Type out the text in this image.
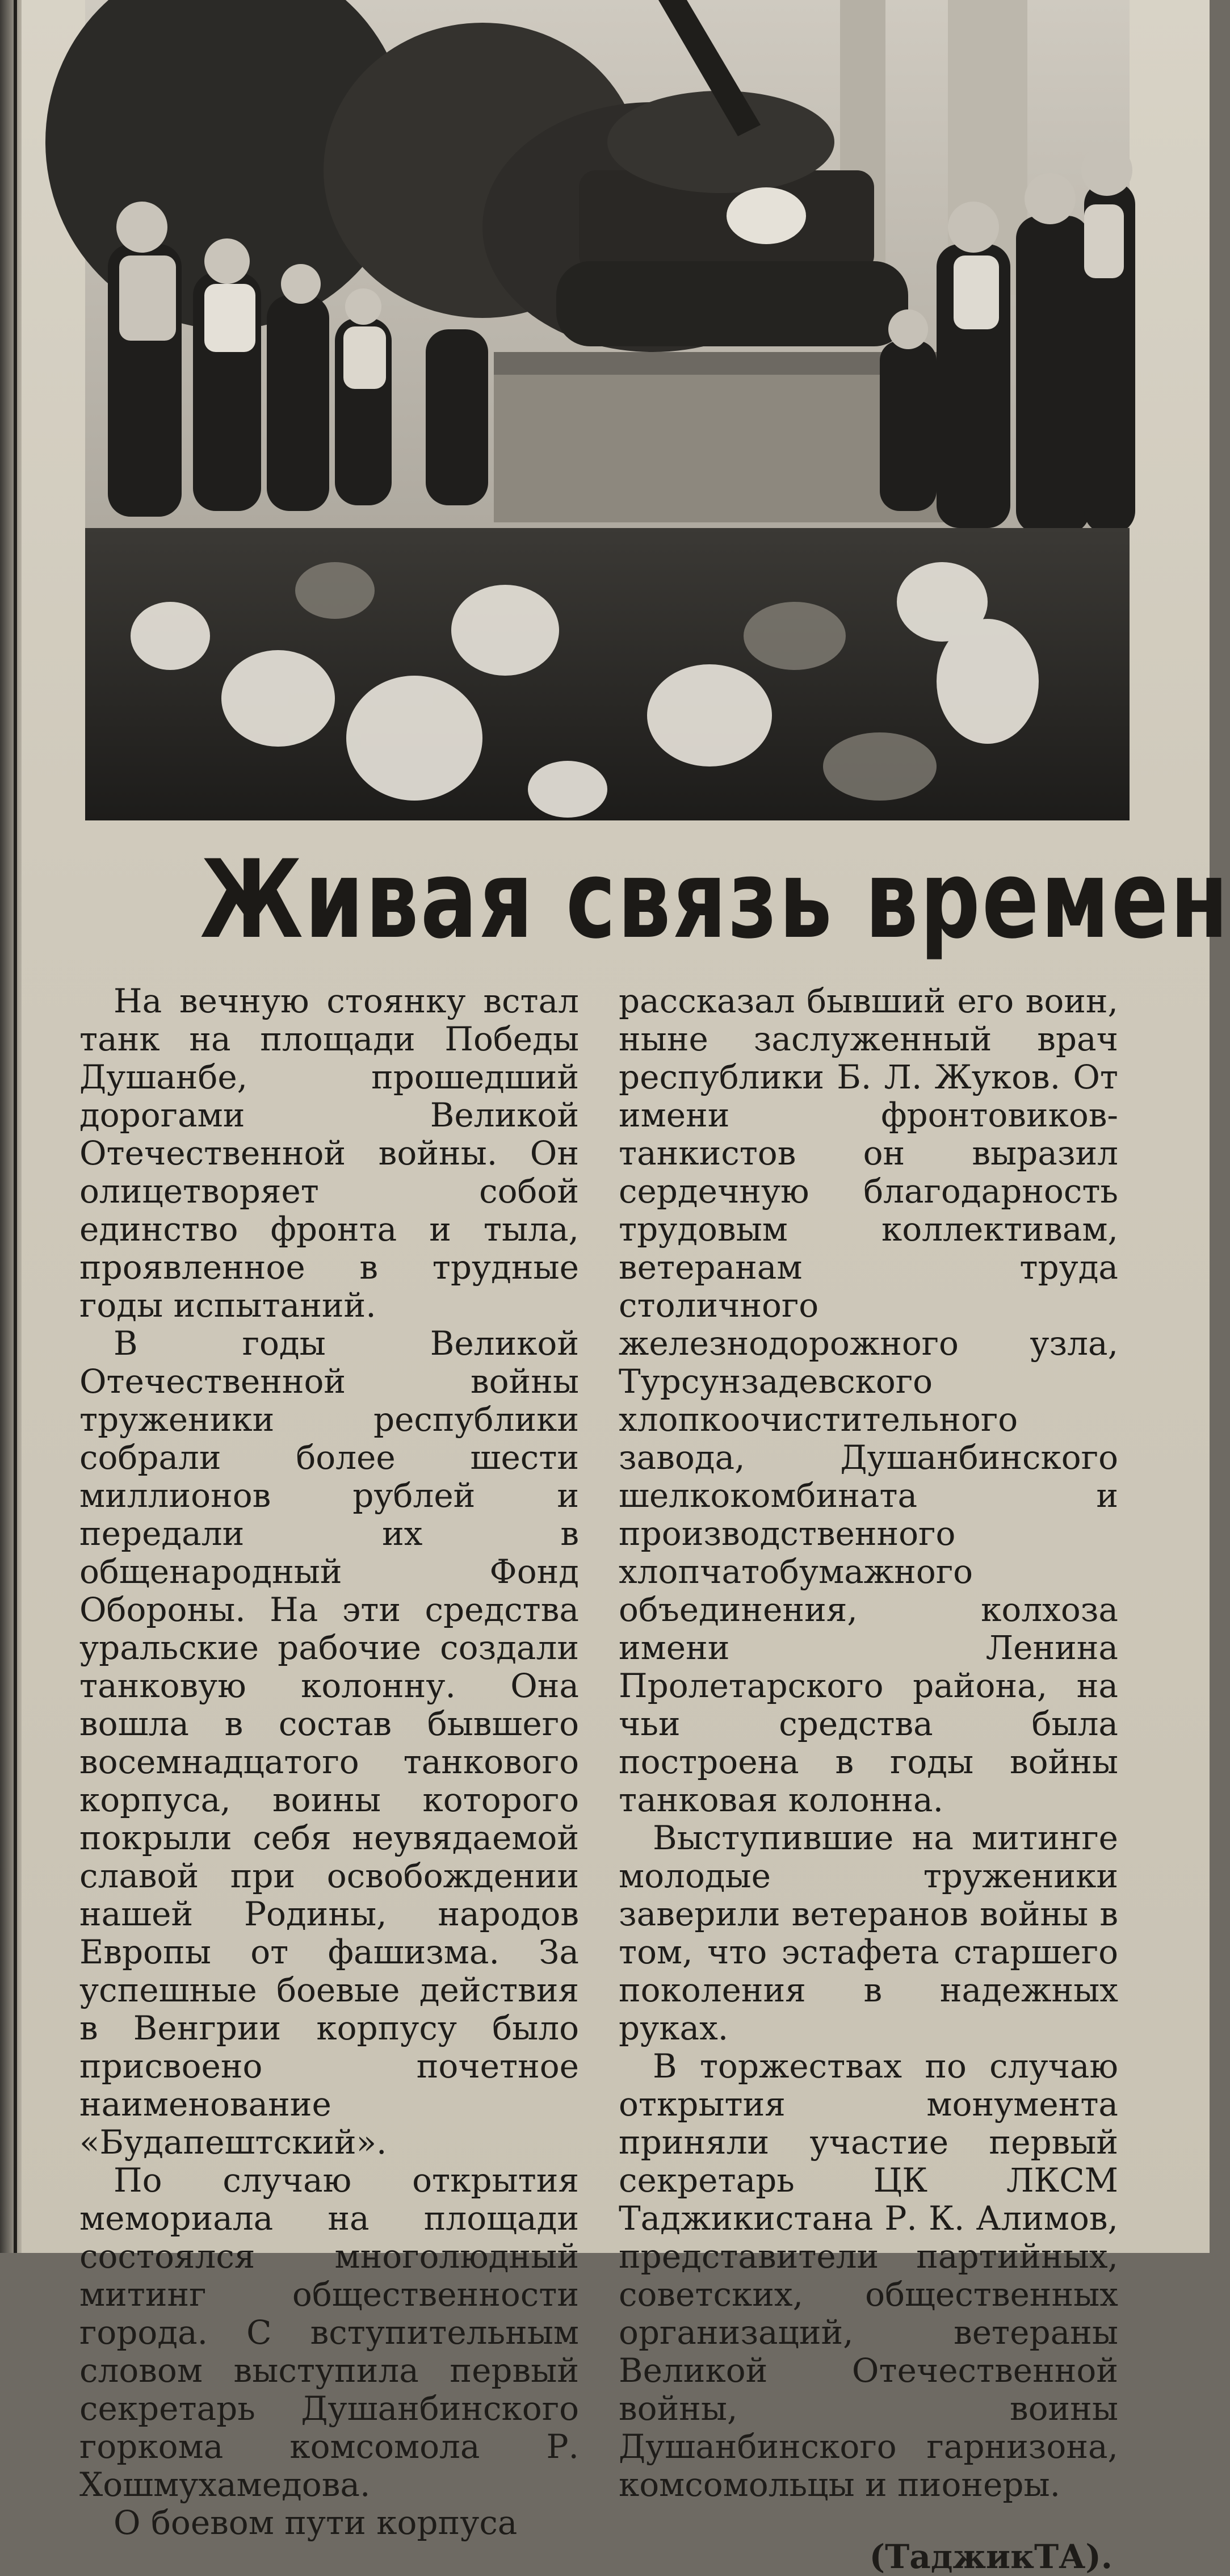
Живая связь времен

На вечную стоянку встал танк на площади Победы Душанбе, прошедший дорогами Великой Отечественной войны. Он олицетворяет собой единство фронта и тыла, проявленное в трудные годы испытаний.

В годы Великой Отечественной войны труженики республики собрали более шести миллионов рублей и передали их в общенародный Фонд Обороны. На эти средства уральские рабочие создали танковую колонну. Она вошла в состав бывшего восемнадцатого танкового корпуса, воины которого покрыли себя неувядаемой славой при освобождении нашей Родины, народов Европы от фашизма. За успешные боевые действия в Венгрии корпусу было присвоено почетное наименование «Будапештский».

По случаю открытия мемориала на площади состоялся многолюдный митинг общественности города. С вступительным словом выступила первый секретарь Душанбинского горкома комсомола Р. Хошмухамедова.

О боевом пути корпуса

рассказал бывший его воин, ныне заслуженный врач республики Б. Л. Жуков. От имени фронтовиков-танкистов он выразил сердечную благодарность трудовым коллективам, ветеранам труда столичного железнодорожного узла, Турсунзадевского хлопкоочистительного завода, Душанбинского шелкокомбината и производственного хлопчатобумажного объединения, колхоза имени Ленина Пролетарского района, на чьи средства была построена в годы войны танковая колонна.

Выступившие на митинге молодые труженики заверили ветеранов войны в том, что эстафета старшего поколения в надежных руках.

В торжествах по случаю открытия монумента приняли участие первый секретарь ЦК ЛКСМ Таджикистана Р. К. Алимов, представители партийных, советских, общественных организаций, ветераны Великой Отечественной войны, воины Душанбинского гарнизона, комсомольцы и пионеры.

(ТаджикТА).
